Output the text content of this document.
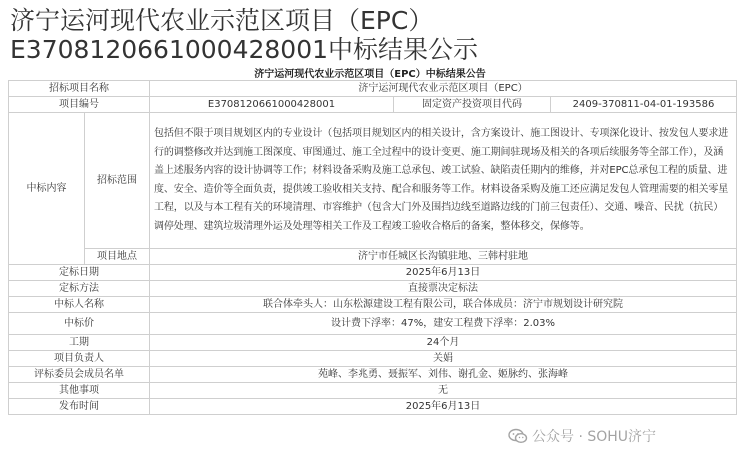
济宁运河现代农业示范区项目（EPC）E3708120661000428001中标结果公示
济宁运河现代农业示范区项目（EPC）中标结果公告
招标项目名称		济宁运河现代农业示范区项目（EPC）		
项目编号		E3708120661000428001	固定资产投资项目代码	2409-370811-04-01-193586
中标内容	招标范围	包括但不限于项目规划区内的专业设计（包括项目规划区内的相关设计，含方案设计、施工图设计、专项深化设计、按发包人要求进行的调整修改并达到施工图深度、审图通过、施工全过程中的设计变更、施工期间驻现场及相关的各项后续服务等全部工作），及涵盖上述服务内容的设计协调等工作；材料设备采购及施工总承包、竣工试验、缺陷责任期内的维修，并对EPC总承包工程的质量、进度、安全、造价等全面负责，提供竣工验收相关支持、配合和服务等工作。材料设备采购及施工还应满足发包人管理需要的相关零星工程，以及与本工程有关的环境清理、市容维护（包含大门外及围挡边线至道路边线的门前三包责任）、交通、噪音、民扰（抗民）调停处理、建筑垃圾清理外运及处理等相关工作及工程竣工验收合格后的备案，整体移交，保修等。		
	项目地点	济宁市任城区长沟镇驻地、三韩村驻地		
定标日期		2025年6月13日		
定标方法		直接票决定标法		
中标人名称		联合体牵头人：山东松源建设工程有限公司，联合体成员：济宁市规划设计研究院		
中标价		设计费下浮率：47%，建安工程费下浮率：2.03%		
工期		24个月		
项目负责人		关娟		
评标委员会成员名单		苑峰、李兆勇、聂振军、刘伟、谢孔金、姬脉约、张海峰		
其他事项		无		
发布时间		2025年6月13日		
公众号 · SOHU济宁
